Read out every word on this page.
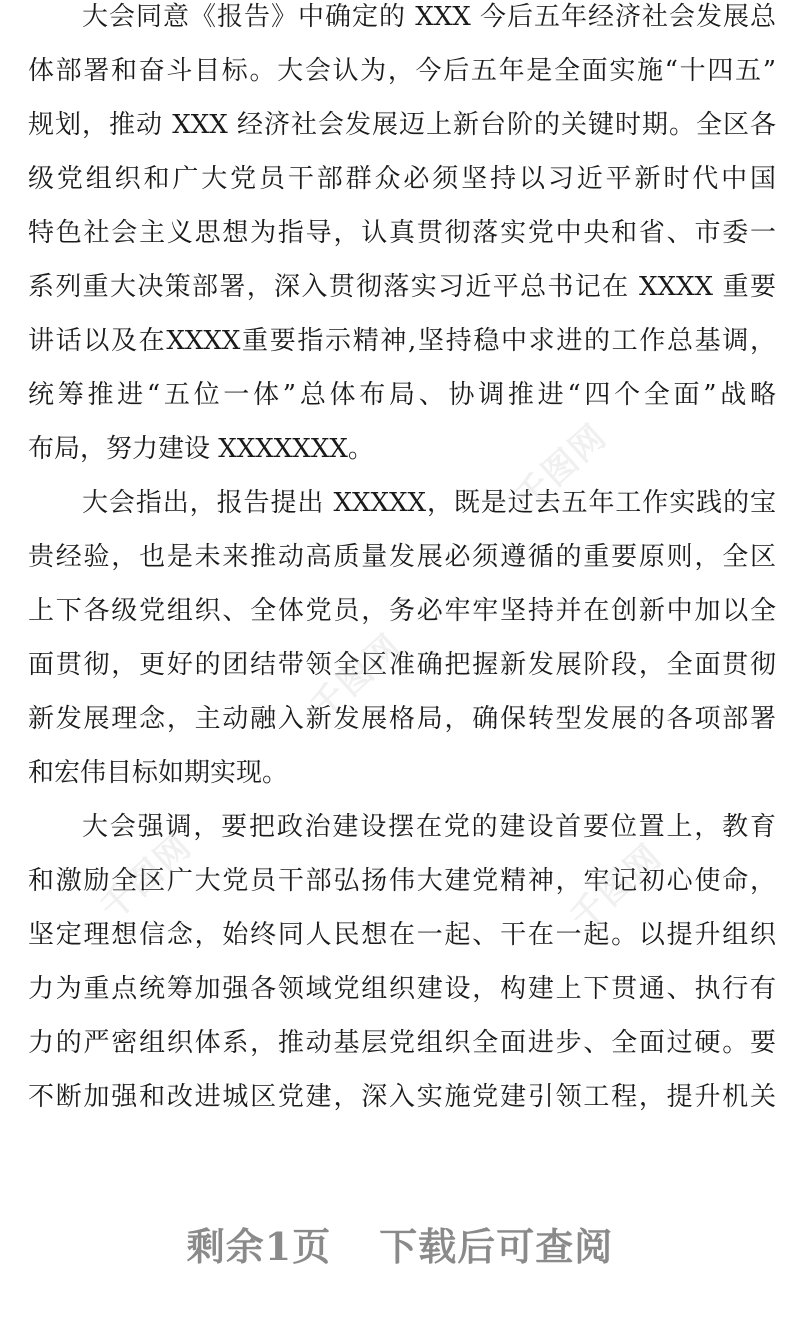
大会同意《报告》中确定的 XXX 今后五年经济社会发展总
体部署和奋斗目标。大会认为，今后五年是全面实施“十四五”
规划，推动 XXX 经济社会发展迈上新台阶的关键时期。全区各
级党组织和广大党员干部群众必须坚持以习近平新时代中国
特色社会主义思想为指导，认真贯彻落实党中央和省、市委一
系列重大决策部署，深入贯彻落实习近平总书记在 XXXX 重要
讲话以及在XXXX重要指示精神,坚持稳中求进的工作总基调，
统筹推进“五位一体”总体布局、协调推进“四个全面”战略
布局，努力建设 XXXXXXX。
大会指出，报告提出 XXXXX，既是过去五年工作实践的宝
贵经验，也是未来推动高质量发展必须遵循的重要原则，全区
上下各级党组织、全体党员，务必牢牢坚持并在创新中加以全
面贯彻，更好的团结带领全区准确把握新发展阶段，全面贯彻
新发展理念，主动融入新发展格局，确保转型发展的各项部署
和宏伟目标如期实现。
大会强调，要把政治建设摆在党的建设首要位置上，教育
和激励全区广大党员干部弘扬伟大建党精神，牢记初心使命，
坚定理想信念，始终同人民想在一起、干在一起。以提升组织
力为重点统筹加强各领域党组织建设，构建上下贯通、执行有
力的严密组织体系，推动基层党组织全面进步、全面过硬。要
不断加强和改进城区党建，深入实施党建引领工程，提升机关
千图网
千图网
千图网	千图网
剩余1页 下载后可查阅
